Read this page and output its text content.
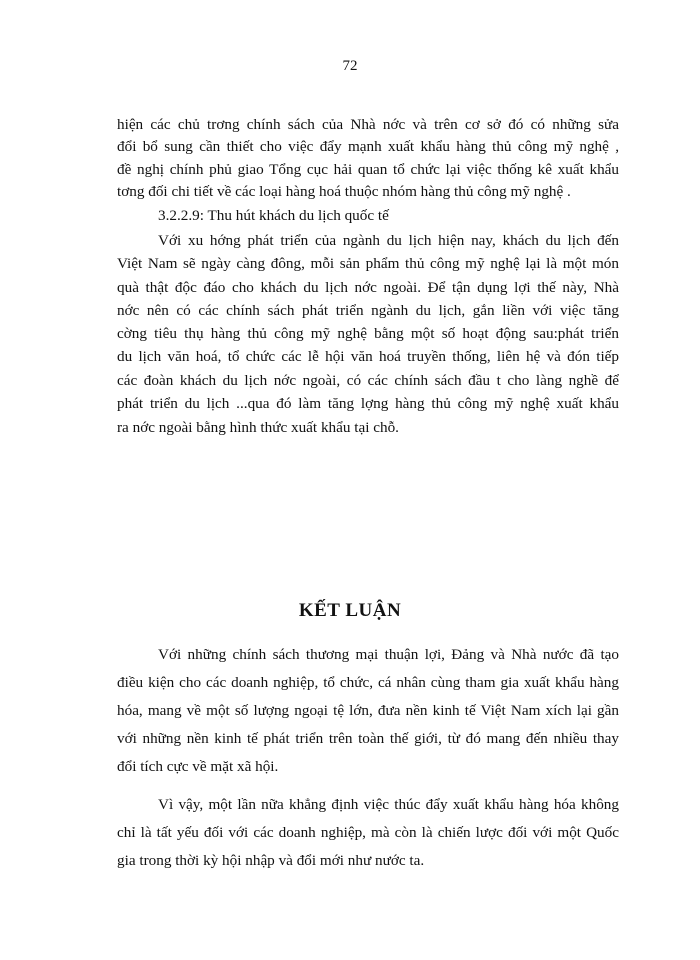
72
hiện các chủ trơng chính sách của Nhà nớc và trên cơ sở đó có những sửa
đổi bổ sung cần thiết cho việc đẩy mạnh xuất khẩu hàng thủ công mỹ nghệ ,
đề nghị chính phủ giao Tổng cục hải quan tổ chức lại việc thống kê xuất khẩu
tơng đối chi tiết về các loại hàng hoá thuộc nhóm hàng thủ công mỹ nghệ .
3.2.2.9: Thu hút khách du lịch quốc tế
Với xu hớng phát triển của ngành du lịch hiện nay, khách du lịch đến
Việt Nam sẽ ngày càng đông, mỗi sản phẩm thủ công mỹ nghệ lại là một món
quà thật độc đáo cho khách du lịch nớc ngoài. Để tận dụng lợi thế này, Nhà
nớc nên có các chính sách phát triển ngành du lịch, gắn liền với việc tăng
cờng tiêu thụ hàng thủ công mỹ nghệ bằng một số hoạt động sau:phát triển
du lịch văn hoá, tổ chức các lễ hội văn hoá truyền thống, liên hệ và đón tiếp
các đoàn khách du lịch nớc ngoài, có các chính sách đầu t cho làng nghề để
phát triển du lịch ...qua đó làm tăng lợng hàng thủ công mỹ nghệ xuất khẩu
ra nớc ngoài bằng hình thức xuất khẩu tại chỗ.
KẾT LUẬN
Với những chính sách thương mại thuận lợi, Đảng và Nhà nước đã tạo
điều kiện cho các doanh nghiệp, tổ chức, cá nhân cùng tham gia xuất khẩu hàng
hóa, mang về một số lượng ngoại tệ lớn, đưa nền kinh tế Việt Nam xích lại gần
với những nền kinh tế phát triển trên toàn thế giới, từ đó mang đến nhiều thay
đổi tích cực về mặt xã hội.
Vì vậy, một lần nữa khẳng định việc thúc đẩy xuất khẩu hàng hóa không
chỉ là tất yếu đối với các doanh nghiệp, mà còn là chiến lược đối với một Quốc
gia trong thời kỳ hội nhập và đổi mới như nước ta.
